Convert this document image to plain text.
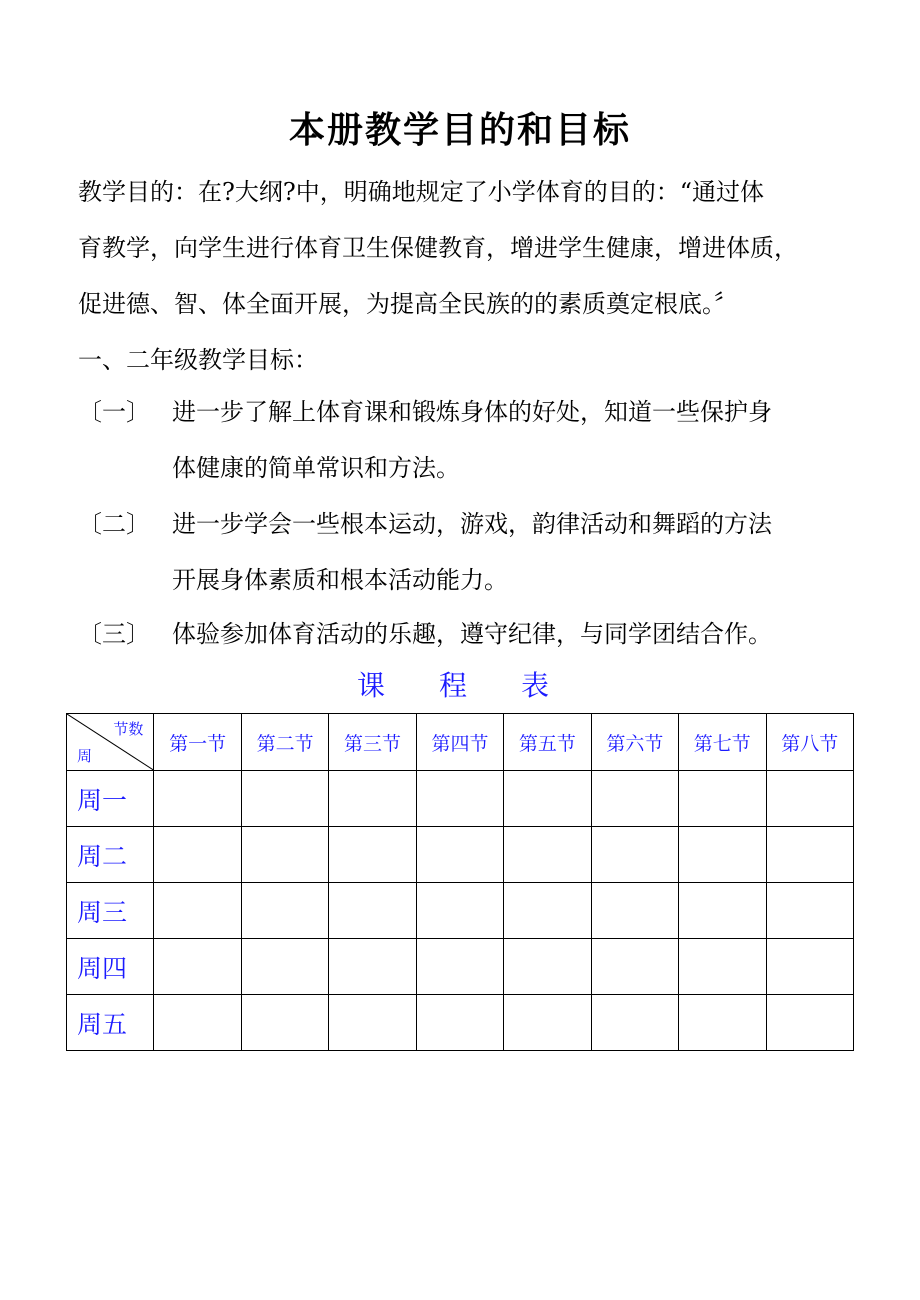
本册教学目的和目标
教学目的：在?大纲?中，明确地规定了小学体育的目的：“通过体
育教学，向学生进行体育卫生保健教育，增进学生健康，增进体质，
促进德、智、体全面开展，为提高全民族的的素质奠定根底。〞
一、二年级教学目标：
〔一〕 进一步了解上体育课和锻炼身体的好处，知道一些保护身
体健康的简单常识和方法。
〔二〕 进一步学会一些根本运动，游戏，韵律活动和舞蹈的方法
开展身体素质和根本活动能力。
〔三〕 体验参加体育活动的乐趣，遵守纪律，与同学团结合作。
课程表
节数
周	第一节	第二节	第三节	第四节	第五节	第六节	第七节	第八节
周一								
周二								
周三								
周四								
周五								
